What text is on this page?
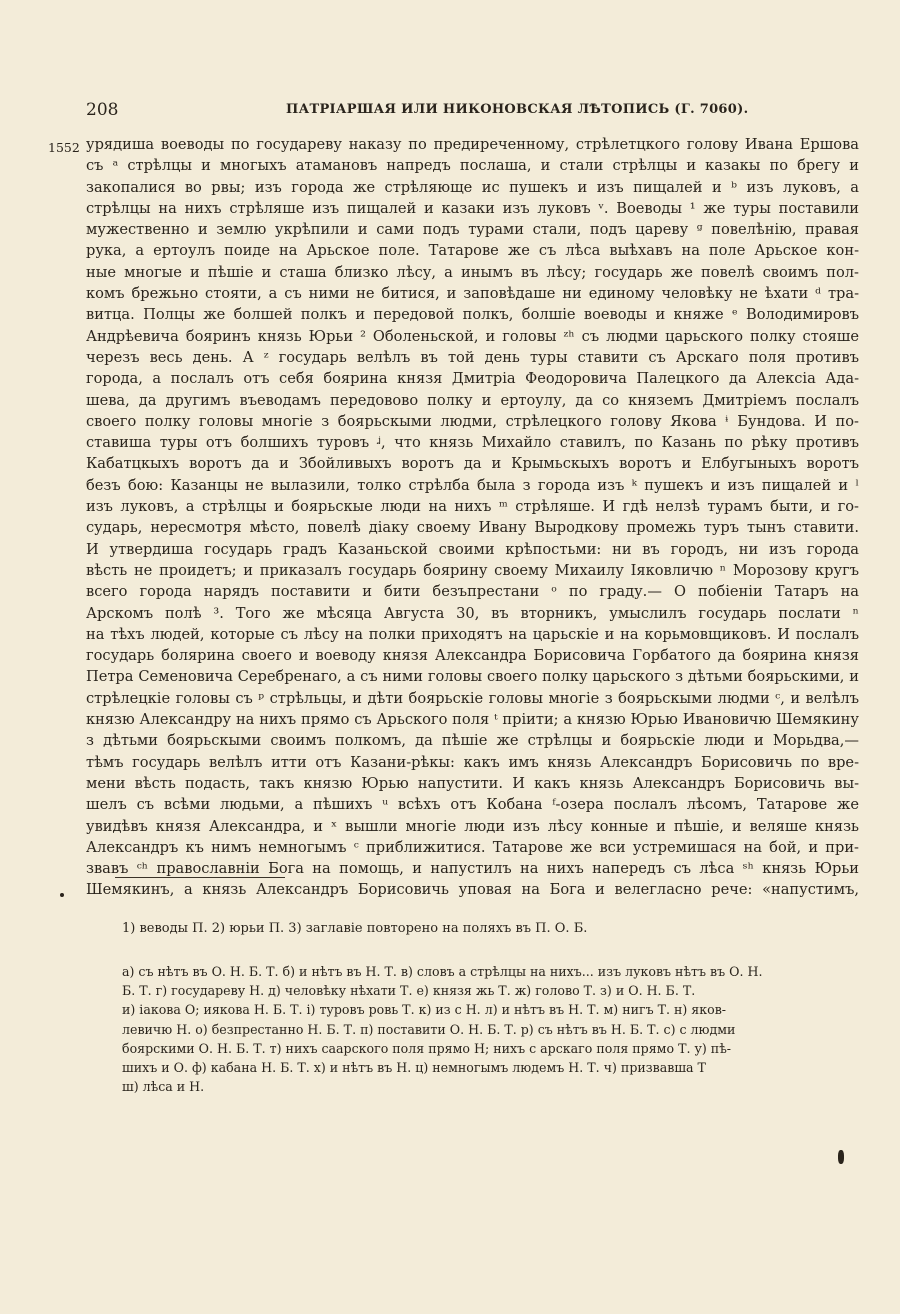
208	ПАТРІАРШАЯ ИЛИ НИКОНОВСКАЯ ЛѢТОПИСЬ (Г. 7060).
1552 урядиша воеводы по государеву наказу по предиреченному, стрѣлетцкого голову Ивана Ершова
съ ᵃ стрѣлцы и многыхъ атамановъ напредъ послаша, и стали стрѣлцы и казакы по брегу и
закопалися во рвы; изъ города же стрѣляюще ис пушекъ и изъ пищалей и ᵇ изъ луковъ, а
стрѣлцы на нихъ стрѣляше изъ пищалей и казаки изъ луковъ ᵛ. Воеводы ¹ же туры поставили
мужественно и землю укрѣпили и сами подъ турами стали, подъ цареву ᵍ повелѣнію, правая
рука, а ертоулъ поиде на Арьское поле. Татарове же съ лѣса выѣхавъ на поле Арьское кон-
ные многые и пѣшіе и сташа близко лѣсу, а инымъ въ лѣсу; государь же повелѣ своимъ пол-
комъ брежьно стояти, а съ ними не битися, и заповѣдаше ни единому человѣку не ѣхати ᵈ тра-
витца. Полцы же болшей полкъ и передовой полкъ, болшіе воеводы и княже ᵉ Володимировъ
Андрѣевича бояринъ князь Юрьи ² Оболеньской, и головы ᶻʰ съ людми царьского полку стояше
черезъ весь день. А ᶻ государь велѣлъ въ той день туры ставити съ Арскаго поля противъ
города, а послалъ отъ себя боярина князя Дмитріа Феодоровича Палецкого да Алексіа Ада-
шева, да другимъ въеводамъ передовово полку и ертоулу, да со княземъ Дмитріемъ послалъ
своего полку головы многіе з боярьскыми людми, стрѣлецкого голову Якова ᶤ Бундова. И по-
ставиша туры отъ болшихъ туровъ ᶨ, что князь Михайло ставилъ, по Казань по рѣку противъ
Кабатцкыхъ воротъ да и Збойливыхъ воротъ да и Крымьскыхъ воротъ и Елбугыныхъ воротъ
безъ бою: Казанцы не вылазили, толко стрѣлба была з города изъ ᵏ пушекъ и изъ пищалей и ˡ
изъ луковъ, а стрѣлцы и боярьскые люди на нихъ ᵐ стрѣляше. И гдѣ нелзѣ турамъ быти, и го-
сударь, нересмотря мѣсто, повелѣ діаку своему Ивану Выродкову промежь туръ тынъ ставити.
И утвердиша государь градъ Казаньской своими крѣпостьми: ни въ городъ, ни изъ города
вѣсть не проидетъ; и приказалъ государь боярину своему Михаилу Іяковличю ⁿ Морозову кругъ
всего города нарядъ поставити и бити безъпрестани ᵒ по граду.— О побіеніи Татаръ на
Арскомъ полѣ ³. Того же мѣсяца Августа 30, въ вторникъ, умыслилъ государь послати ⁿ
на тѣхъ людей, которые съ лѣсу на полки приходятъ на царьскіе и на корьмовщиковъ. И послалъ
государь болярина своего и воеводу князя Александра Борисовича Горбатого да боярина князя
Петра Семеновича Серебренаго, а съ ними головы своего полку царьского з дѣтьми боярьскими, и
стрѣлецкіе головы съ ᵖ стрѣльцы, и дѣти боярьскіе головы многіе з боярьскыми людми ᶜ, и велѣлъ
князю Александру на нихъ прямо съ Арьского поля ᵗ пріити; а князю Юрью Ивановичю Шемякину
з дѣтьми боярьскыми своимъ полкомъ, да пѣшіе же стрѣлцы и боярьскіе люди и Морьдва,—
тѣмъ государь велѣлъ итти отъ Казани-рѣкы: какъ имъ князь Александръ Борисовичь по вре-
мени вѣсть подасть, такъ князю Юрью напустити. И какъ князь Александръ Борисовичь вы-
шелъ съ всѣми людьми, а пѣшихъ ᵘ всѣхъ отъ Кобана ᶠ-озера послалъ лѣсомъ, Татарове же
увидѣвъ князя Александра, и ˣ вышли многіе люди изъ лѣсу конные и пѣшіе, и веляше князь
Александръ къ нимъ немногымъ ᶜ приближитися. Татарове же вси устремишася на бой, и при-
звавъ ᶜʰ православніи Бога на помощь, и напустилъ на нихъ напередъ съ лѣса ˢʰ князь Юрьи
Шемякинъ, а князь Александръ Борисовичь уповая на Бога и велегласно рече: «напустимъ,
1) веводы П. 2) юрьи П. 3) заглавіе повторено на поляхъ въ П. О. Б.
а) съ нѣтъ въ О. Н. Б. Т. б) и нѣтъ въ Н. Т. в) словъ а стрѣлцы на нихъ... изъ луковъ нѣтъ въ О. Н.
Б. Т. г) государеву Н. д) человѣку нѣхати Т. е) князя жь Т. ж) голово Т. з) и О. Н. Б. Т.
и) іакова О; иякова Н. Б. Т. і) туровъ ровь Т. к) из с Н. л) и нѣтъ въ Н. Т. м) нигъ Т. н) яков-
левичю Н. о) безпрестанно Н. Б. Т. п) поставити О. Н. Б. Т. р) съ нѣтъ въ Н. Б. Т. с) с людми
боярскими О. Н. Б. Т. т) нихъ саарского поля прямо Н; нихъ с арскаго поля прямо Т. у) пѣ-
шихъ и О. ф) кабана Н. Б. Т. х) и нѣтъ въ Н. ц) немногымъ людемъ Н. Т. ч) призвавша Т
ш) лѣса и Н.
